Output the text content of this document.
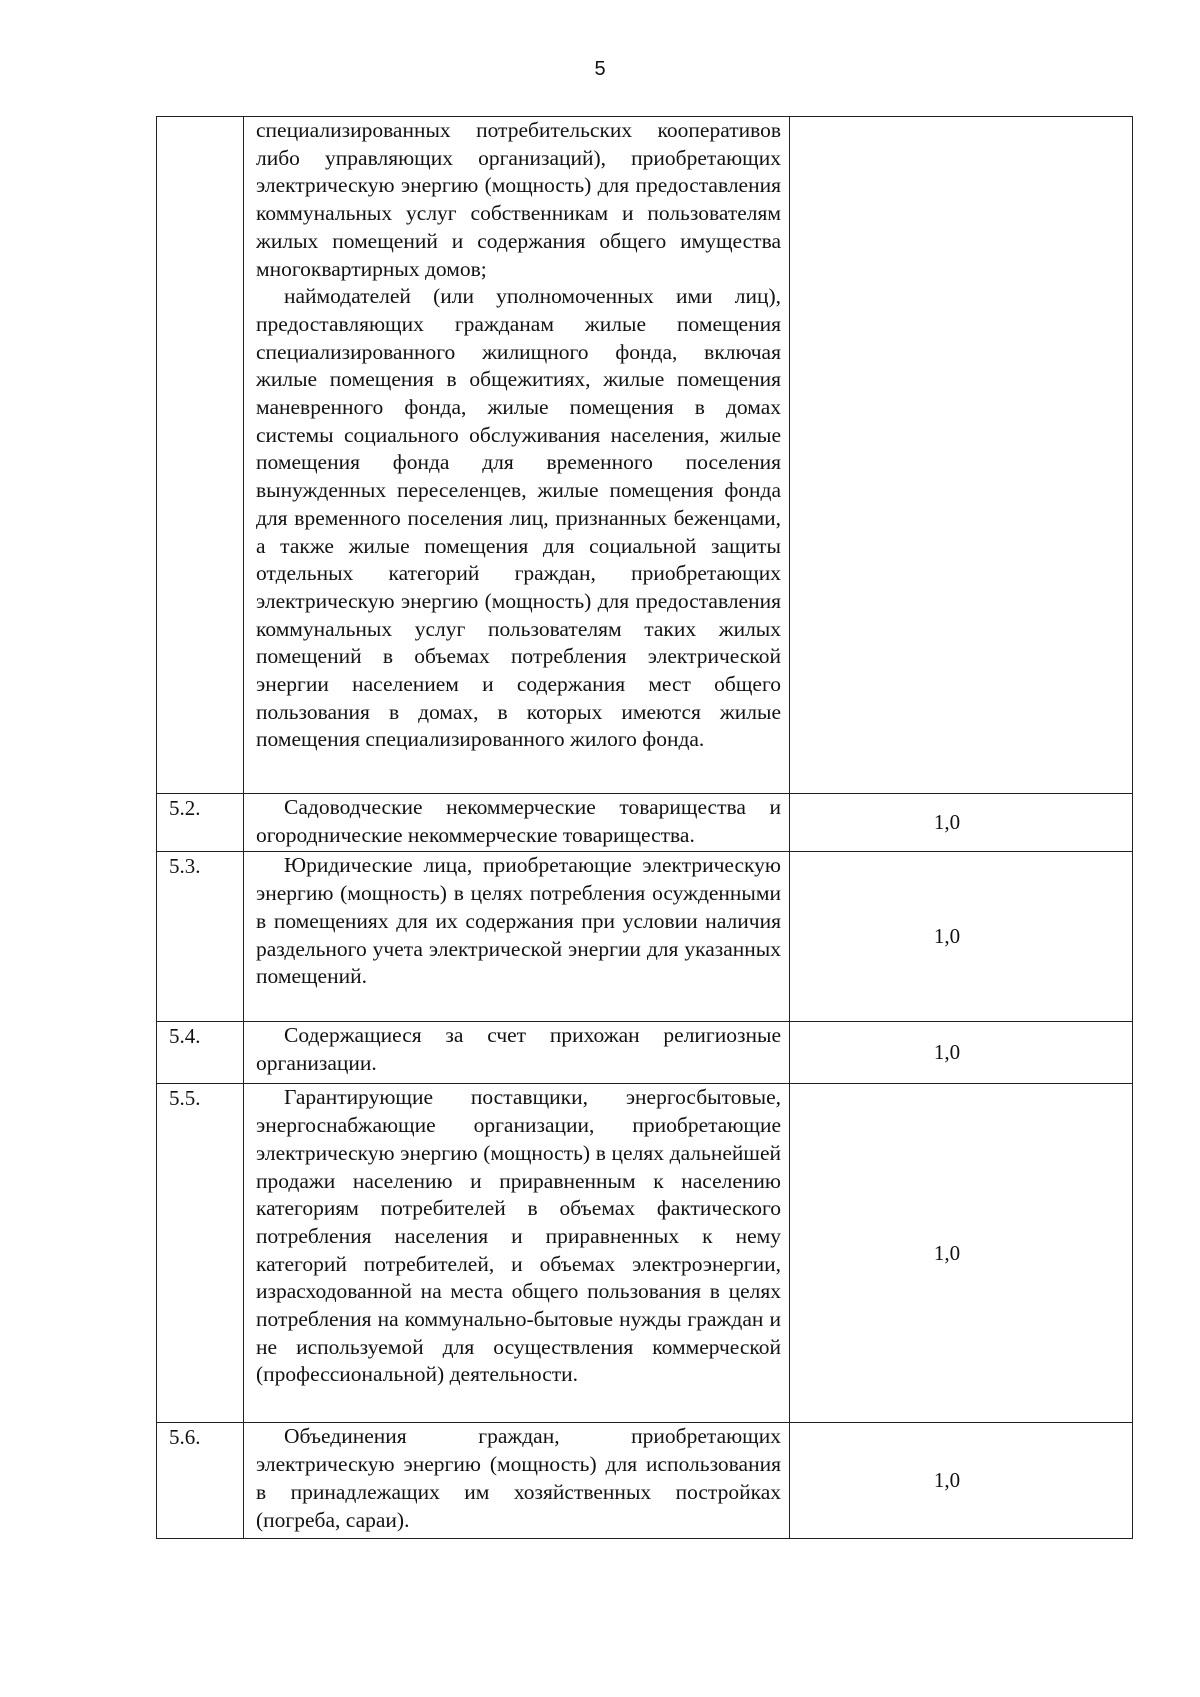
5

	специализированных потребительских кооперативов либо управляющих организаций), приобретающих электрическую энергию (мощность) для предоставления коммунальных услуг собственникам и пользователям жилых помещений и содержания общего имущества многоквартирных домов;

наймодателей (или уполномоченных ими лиц), предоставляющих гражданам жилые помещения специализированного жилищного фонда, включая жилые помещения в общежитиях, жилые помещения маневренного фонда, жилые помещения в домах системы социального обслуживания населения, жилые помещения фонда для временного поселения вынужденных переселенцев, жилые помещения фонда для временного поселения лиц, признанных беженцами, а также жилые помещения для социальной защиты отдельных категорий граждан, приобретающих электрическую энергию (мощность) для предоставления коммунальных услуг пользователям таких жилых помещений в объемах потребления электрической энергии населением и содержания мест общего пользования в домах, в которых имеются жилые помещения специализированного жилого фонда.	

5.2.	Садоводческие некоммерческие товарищества и огороднические некоммерческие товарищества.	1,0
5.3.	Юридические лица, приобретающие электрическую энергию (мощность) в целях потребления осужденными в помещениях для их содержания при условии наличия раздельного учета электрической энергии для указанных помещений.	1,0
5.4.	Содержащиеся за счет прихожан религиозные организации.	1,0
5.5.	Гарантирующие поставщики, энергосбытовые, энергоснабжающие организации, приобретающие электрическую энергию (мощность) в целях дальнейшей продажи населению и приравненным к населению категориям потребителей в объемах фактического потребления населения и приравненных к нему категорий потребителей, и объемах электроэнергии, израсходованной на места общего пользования в целях потребления на коммунально-бытовые нужды граждан и не используемой для осуществления коммерческой (профессиональной) деятельности.	1,0
5.6.	Объединения граждан, приобретающих электрическую энергию (мощность) для использования в принадлежащих им хозяйственных постройках (погреба, сараи).	1,0
